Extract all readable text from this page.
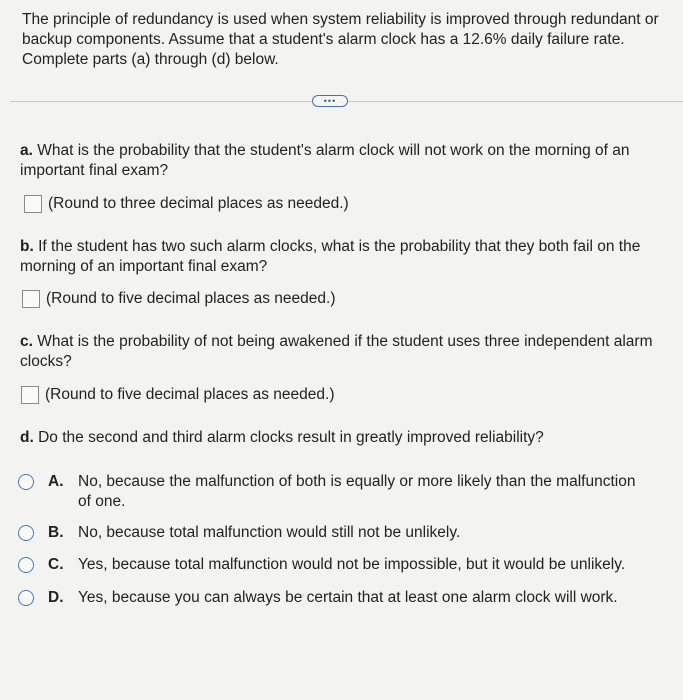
The principle of redundancy is used when system reliability is improved through redundant or backup components. Assume that a student's alarm clock has a 12.6% daily failure rate. Complete parts (a) through (d) below.
•••
a. What is the probability that the student's alarm clock will not work on the morning of an important final exam?
(Round to three decimal places as needed.)
b. If the student has two such alarm clocks, what is the probability that they both fail on the morning of an important final exam?
(Round to five decimal places as needed.)
c. What is the probability of not being awakened if the student uses three independent alarm clocks?
(Round to five decimal places as needed.)
d. Do the second and third alarm clocks result in greatly improved reliability?
A. No, because the malfunction of both is equally or more likely than the malfunction of one.
B. No, because total malfunction would still not be unlikely.
C. Yes, because total malfunction would not be impossible, but it would be unlikely.
D. Yes, because you can always be certain that at least one alarm clock will work.
